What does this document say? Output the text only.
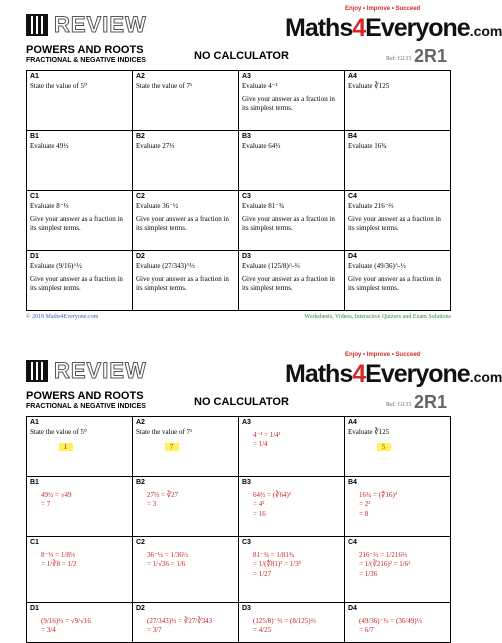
REVIEW
Enjoy • Improve • Succeed
Maths4Everyone.com
POWERS AND ROOTS
FRACTIONAL & NEGATIVE INDICES	NO CALCULATOR	Ref: G133 2R1
A1
State the value of 5⁰
A2
State the value of 7¹
A3
Evaluate 4⁻¹
Give your answer as a fraction in its simplest terms.
A4
Evaluate ∛125
B1
Evaluate 49½
B2
Evaluate 27⅓
B3
Evaluate 64⅔
B4
Evaluate 16¾
C1
Evaluate 8⁻⅓
Give your answer as a fraction in its simplest terms.
C2
Evaluate 36⁻½
Give your answer as a fraction in its simplest terms.
C3
Evaluate 81⁻¾
Give your answer as a fraction in its simplest terms.
C4
Evaluate 216⁻⅔
Give your answer as a fraction in its simplest terms.
D1
Evaluate (9/16)^½
Give your answer as a fraction in its simplest terms.
D2
Evaluate (27/343)^⅓
Give your answer as a fraction in its simplest terms.
D3
Evaluate (125/8)^-⅔
Give your answer as a fraction in its simplest terms.
D4
Evaluate (49/36)^-½
Give your answer as a fraction in its simplest terms.
© 2018 Maths4Everyone.com	Worksheets, Videos, Interactive Quizzes and Exam Solutions
REVIEW
Enjoy • Improve • Succeed
Maths4Everyone.com
POWERS AND ROOTS
FRACTIONAL & NEGATIVE INDICES	NO CALCULATOR	Ref: G133 2R1
A1
State the value of 5⁰
1
A2
State the value of 7¹
7
A3
4⁻¹ = 1/4¹
= 1/4
A4
Evaluate ∛125
5
B1
49½ = √49
= 7
B2
27⅓ = ∛27
= 3
B3
64⅔ = (∛64)²
= 4²
= 16
B4
16¾ = (∜16)³
= 2³
= 8
C1
8⁻⅓ = 1/8⅓
= 1/∛8 = 1/2
C2
36⁻½ = 1/36½
= 1/√36 = 1/6
C3
81⁻¾ = 1/81¾
= 1/(∜81)³ = 1/3³
= 1/27
C4
216⁻⅔ = 1/216⅔
= 1/(∛216)² = 1/6²
= 1/36
D1
(9/16)½ = √9/√16
= 3/4
D2
(27/343)⅓ = ∛27/∛343
= 3/7
D3
(125/8)⁻⅔ = (8/125)⅔
= 4/25
D4
(49/36)⁻½ = (36/49)½
= 6/7
